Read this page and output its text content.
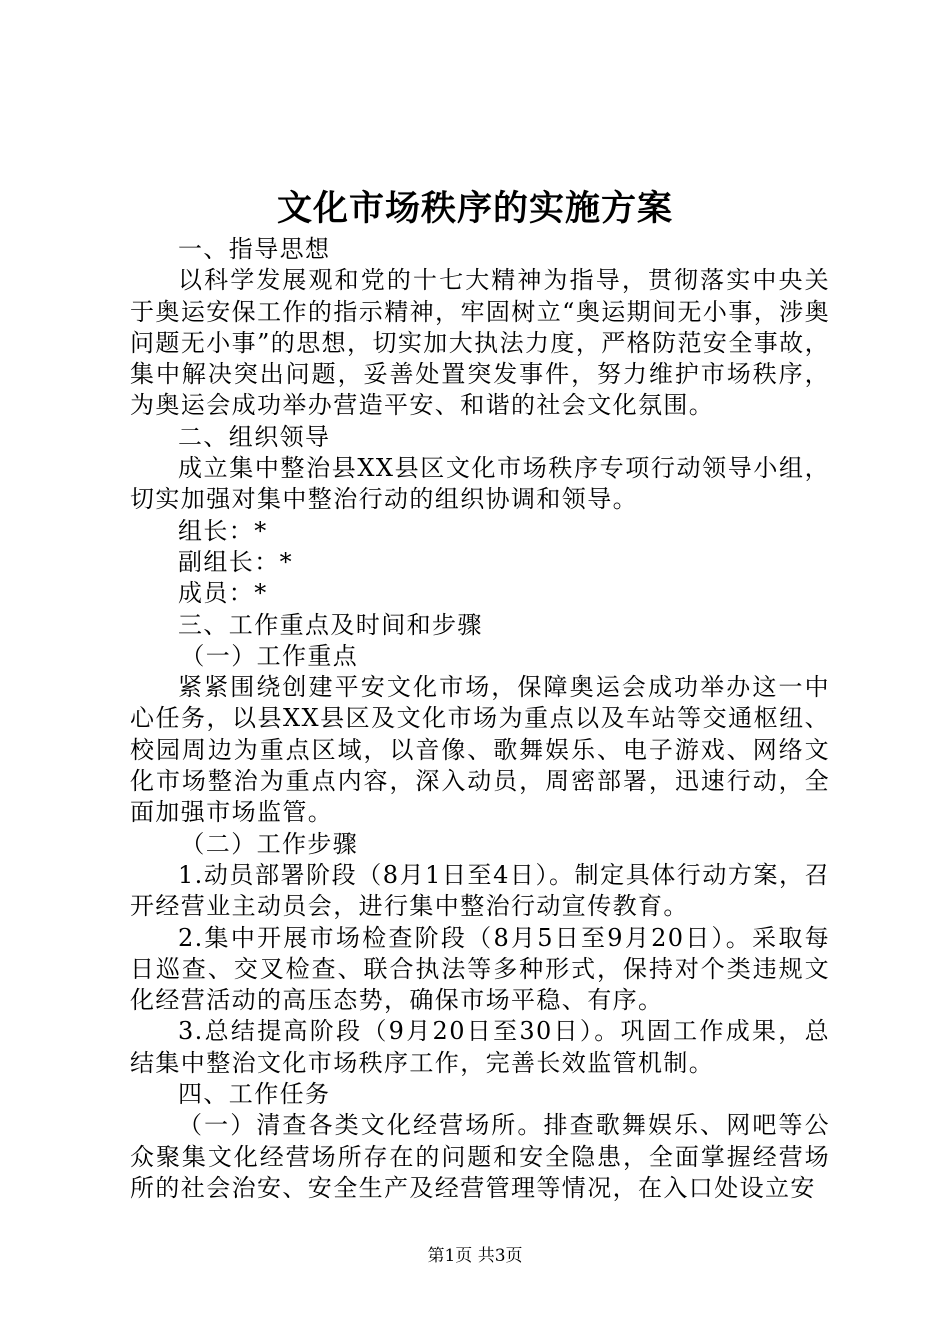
文化市场秩序的实施方案

一、指导思想

以科学发展观和党的十七大精神为指导，贯彻落实中央关于奥运安保工作的指示精神，牢固树立“奥运期间无小事，涉奥问题无小事”的思想，切实加大执法力度，严格防范安全事故，集中解决突出问题，妥善处置突发事件，努力维护市场秩序，为奥运会成功举办营造平安、和谐的社会文化氛围。

二、组织领导

成立集中整治县XX县区文化市场秩序专项行动领导小组，切实加强对集中整治行动的组织协调和领导。

组长：*

副组长：*

成员：*

三、工作重点及时间和步骤

（一）工作重点

紧紧围绕创建平安文化市场，保障奥运会成功举办这一中心任务，以县XX县区及文化市场为重点以及车站等交通枢纽、校园周边为重点区域，以音像、歌舞娱乐、电子游戏、网络文化市场整治为重点内容，深入动员，周密部署，迅速行动，全面加强市场监管。

（二）工作步骤

1.动员部署阶段（8月1日至4日）。制定具体行动方案，召开经营业主动员会，进行集中整治行动宣传教育。

2.集中开展市场检查阶段（8月5日至9月20日）。采取每日巡查、交叉检查、联合执法等多种形式，保持对个类违规文化经营活动的高压态势，确保市场平稳、有序。

3.总结提高阶段（9月20日至30日）。巩固工作成果，总结集中整治文化市场秩序工作，完善长效监管机制。

四、工作任务

（一）清查各类文化经营场所。排查歌舞娱乐、网吧等公众聚集文化经营场所存在的问题和安全隐患，全面掌握经营场所的社会治安、安全生产及经营管理等情况，在入口处设立安

第1页 共3页
